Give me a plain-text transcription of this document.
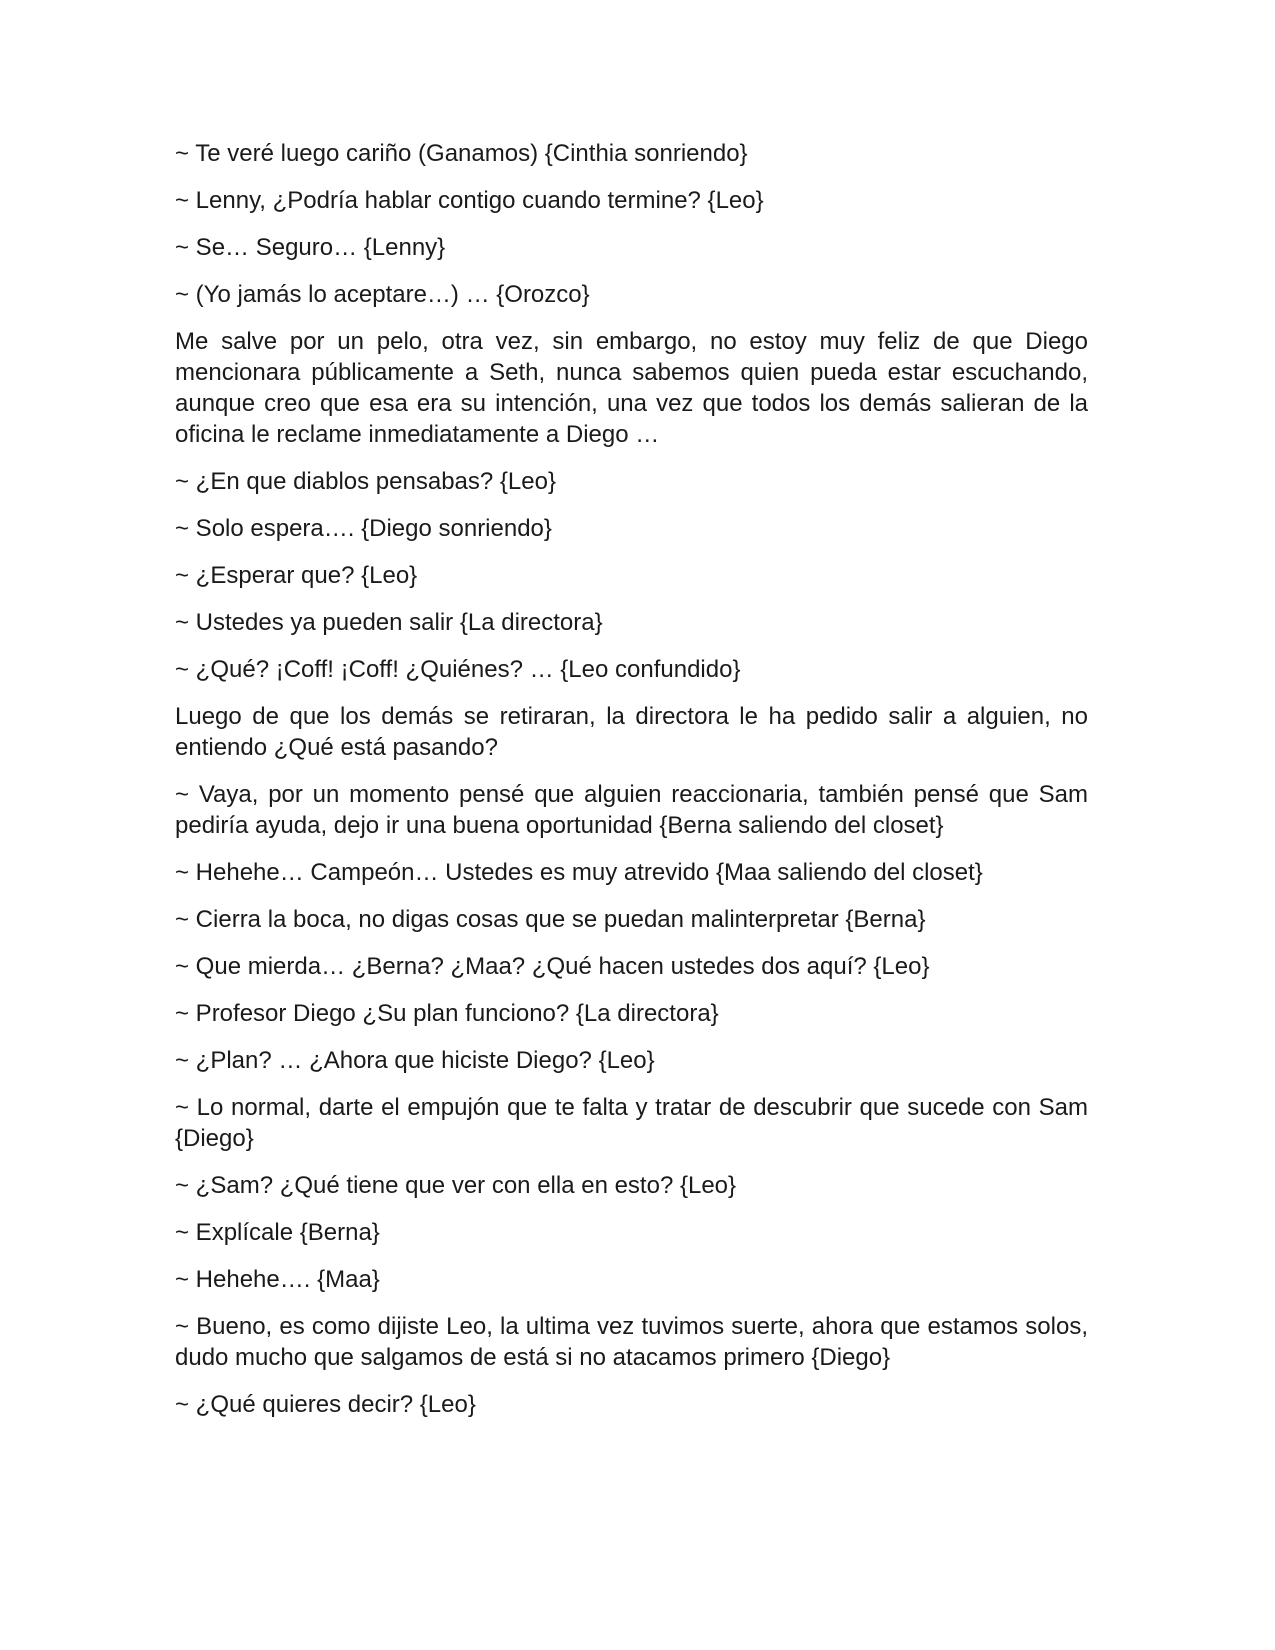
~ Te veré luego cariño (Ganamos) {Cinthia sonriendo}

~ Lenny, ¿Podría hablar contigo cuando termine? {Leo}

~ Se… Seguro… {Lenny}

~ (Yo jamás lo aceptare…) … {Orozco}

Me salve por un pelo, otra vez, sin embargo, no estoy muy feliz de que Diego mencionara públicamente a Seth, nunca sabemos quien pueda estar escuchando, aunque creo que esa era su intención, una vez que todos los demás salieran de la oficina le reclame inmediatamente a Diego …

~ ¿En que diablos pensabas? {Leo}

~ Solo espera…. {Diego sonriendo}

~ ¿Esperar que? {Leo}

~ Ustedes ya pueden salir {La directora}

~ ¿Qué? ¡Coff! ¡Coff! ¿Quiénes? … {Leo confundido}

Luego de que los demás se retiraran, la directora le ha pedido salir a alguien, no entiendo ¿Qué está pasando?

~ Vaya, por un momento pensé que alguien reaccionaria, también pensé que Sam pediría ayuda, dejo ir una buena oportunidad {Berna saliendo del closet}

~ Hehehe… Campeón… Ustedes es muy atrevido {Maa saliendo del closet}

~ Cierra la boca, no digas cosas que se puedan malinterpretar {Berna}

~ Que mierda… ¿Berna? ¿Maa? ¿Qué hacen ustedes dos aquí? {Leo}

~ Profesor Diego ¿Su plan funciono? {La directora}

~ ¿Plan? … ¿Ahora que hiciste Diego? {Leo}

~ Lo normal, darte el empujón que te falta y tratar de descubrir que sucede con Sam {Diego}

~ ¿Sam? ¿Qué tiene que ver con ella en esto? {Leo}

~ Explícale {Berna}

~ Hehehe…. {Maa}

~ Bueno, es como dijiste Leo, la ultima vez tuvimos suerte, ahora que estamos solos, dudo mucho que salgamos de está si no atacamos primero {Diego}

~ ¿Qué quieres decir? {Leo}
